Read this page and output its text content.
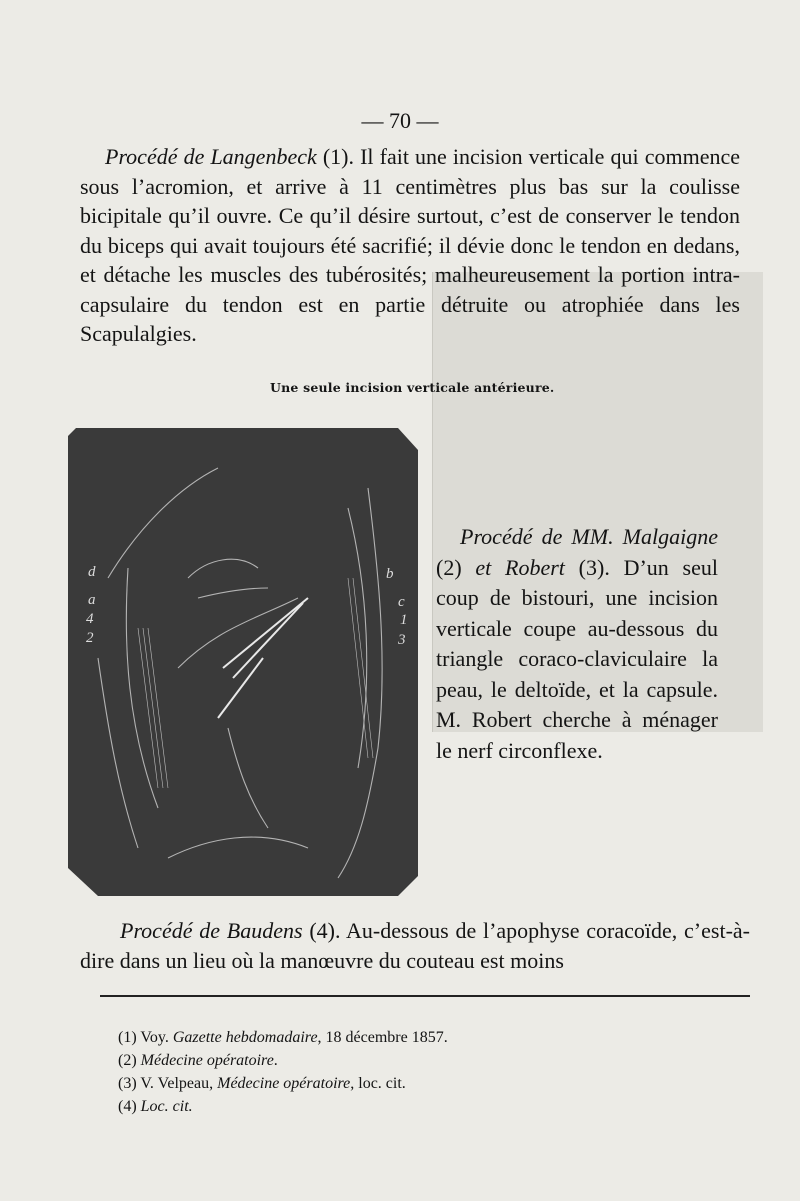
— 70 —

Procédé de Langenbeck (1). Il fait une incision verticale qui commence sous l’acromion, et arrive à 11 centimètres plus bas sur la coulisse bicipitale qu’il ouvre. Ce qu’il désire surtout, c’est de conserver le tendon du biceps qui avait toujours été sacrifié; il dévie donc le tendon en dedans, et détache les muscles des tubérosités; malheureusement la portion intra-capsulaire du tendon est en partie détruite ou atrophiée dans les Scapulalgies.

Une seule incision verticale antérieure.
d
a
4
2
b
c
1
3

Procédé de MM. Malgaigne (2) et Robert (3). D’un seul coup de bistouri, une incision verticale coupe au-dessous du triangle coraco-claviculaire la peau, le deltoïde, et la capsule. M. Robert cherche à ménager le nerf circonflexe.

Procédé de Baudens (4). Au-dessous de l’apophyse coracoïde, c’est-à-dire dans un lieu où la manœuvre du couteau est moins

(1) Voy. Gazette hebdomadaire, 18 décembre 1857.
(2) Médecine opératoire.
(3) V. Velpeau, Médecine opératoire, loc. cit.
(4) Loc. cit.
